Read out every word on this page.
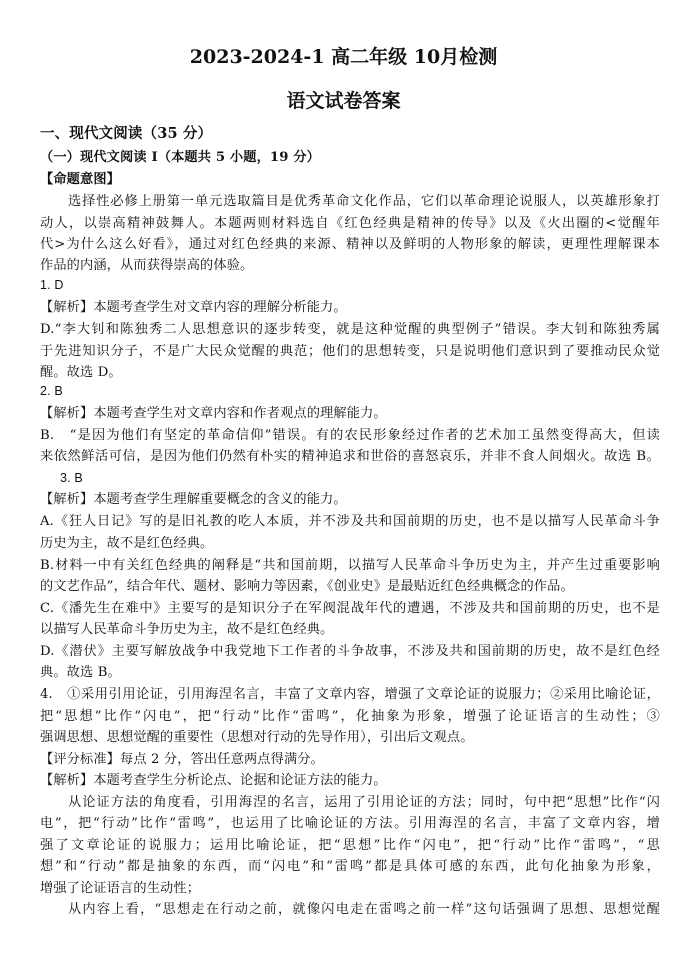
2023-2024-1 高二年级 10月检测
语文试卷答案
一、现代文阅读（35 分）
（一）现代文阅读 I（本题共 5 小题，19 分）
【命题意图】
选择性必修上册第一单元选取篇目是优秀革命文化作品，它们以革命理论说服人，以英雄形象打
动人，以崇高精神鼓舞人。本题两则材料选自《红色经典是精神的传导》以及《火出圈的<觉醒年
代>为什么这么好看》，通过对红色经典的来源、精神以及鲜明的人物形象的解读，更理性理解课本
作品的内涵，从而获得崇高的体验。
1. D
【解析】本题考查学生对文章内容的理解分析能力。
D.“李大钊和陈独秀二人思想意识的逐步转变，就是这种觉醒的典型例子”错误。李大钊和陈独秀属
于先进知识分子，不是广大民众觉醒的典范；他们的思想转变，只是说明他们意识到了要推动民众觉
醒。故选 D。
2. B
【解析】本题考查学生对文章内容和作者观点的理解能力。
B.　“是因为他们有坚定的革命信仰”错误。有的农民形象经过作者的艺术加工虽然变得高大，但读
来依然鲜活可信，是因为他们仍然有朴实的精神追求和世俗的喜怒哀乐，并非不食人间烟火。故选 B。
3. B
【解析】本题考查学生理解重要概念的含义的能力。
A.《狂人日记》写的是旧礼教的吃人本质，并不涉及共和国前期的历史，也不是以描写人民革命斗争
历史为主，故不是红色经典。
B.材料一中有关红色经典的阐释是“共和国前期，以描写人民革命斗争历史为主，并产生过重要影响
的文艺作品”，结合年代、题材、影响力等因素，《创业史》是最贴近红色经典概念的作品。
C.《潘先生在难中》主要写的是知识分子在军阀混战年代的遭遇，不涉及共和国前期的历史，也不是
以描写人民革命斗争历史为主，故不是红色经典。
D.《潜伏》主要写解放战争中我党地下工作者的斗争故事，不涉及共和国前期的历史，故不是红色经
典。故选 B。
4.　①采用引用论证，引用海涅名言，丰富了文章内容，增强了文章论证的说服力；②采用比喻论证，
把“思想”比作“闪电”，把“行动”比作“雷鸣”，化抽象为形象，增强了论证语言的生动性；③
强调思想、思想觉醒的重要性（思想对行动的先导作用），引出后文观点。
【评分标准】每点 2 分，答出任意两点得满分。
【解析】本题考查学生分析论点、论据和论证方法的能力。
从论证方法的角度看，引用海涅的名言，运用了引用论证的方法；同时，句中把“思想”比作“闪
电”，把“行动”比作“雷鸣”，也运用了比喻论证的方法。引用海涅的名言，丰富了文章内容，增
强了文章论证的说服力；运用比喻论证，把“思想”比作“闪电”，把“行动”比作“雷鸣”，“思
想”和“行动”都是抽象的东西，而“闪电”和“雷鸣”都是具体可感的东西，此句化抽象为形象，
增强了论证语言的生动性；
从内容上看，“思想走在行动之前，就像闪电走在雷鸣之前一样”这句话强调了思想、思想觉醒
